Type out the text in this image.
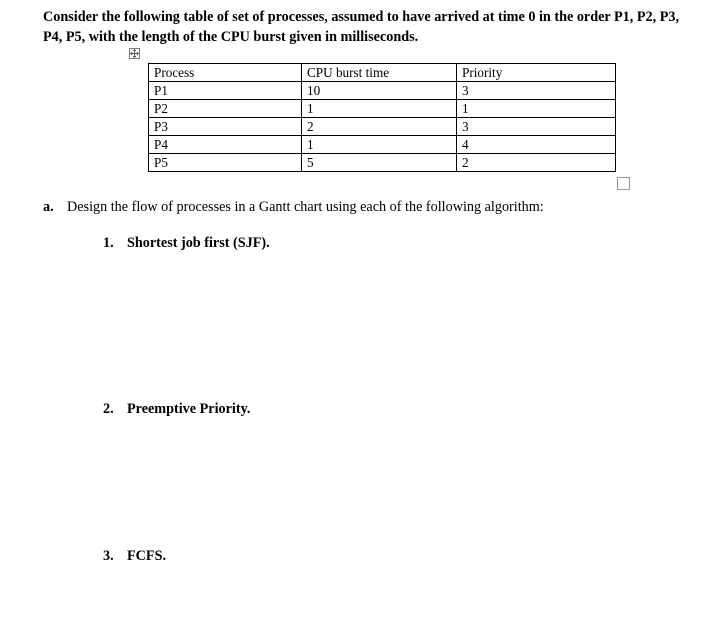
Consider the following table of set of processes, assumed to have arrived at time 0 in the order P1, P2, P3, P4, P5, with the length of the CPU burst given in milliseconds.
Process	CPU burst time	Priority
P1	10	3
P2	1	1
P3	2	3
P4	1	4
P5	5	2
a. Design the flow of processes in a Gantt chart using each of the following algorithm:
1. Shortest job first (SJF).
2. Preemptive Priority.
3. FCFS.
